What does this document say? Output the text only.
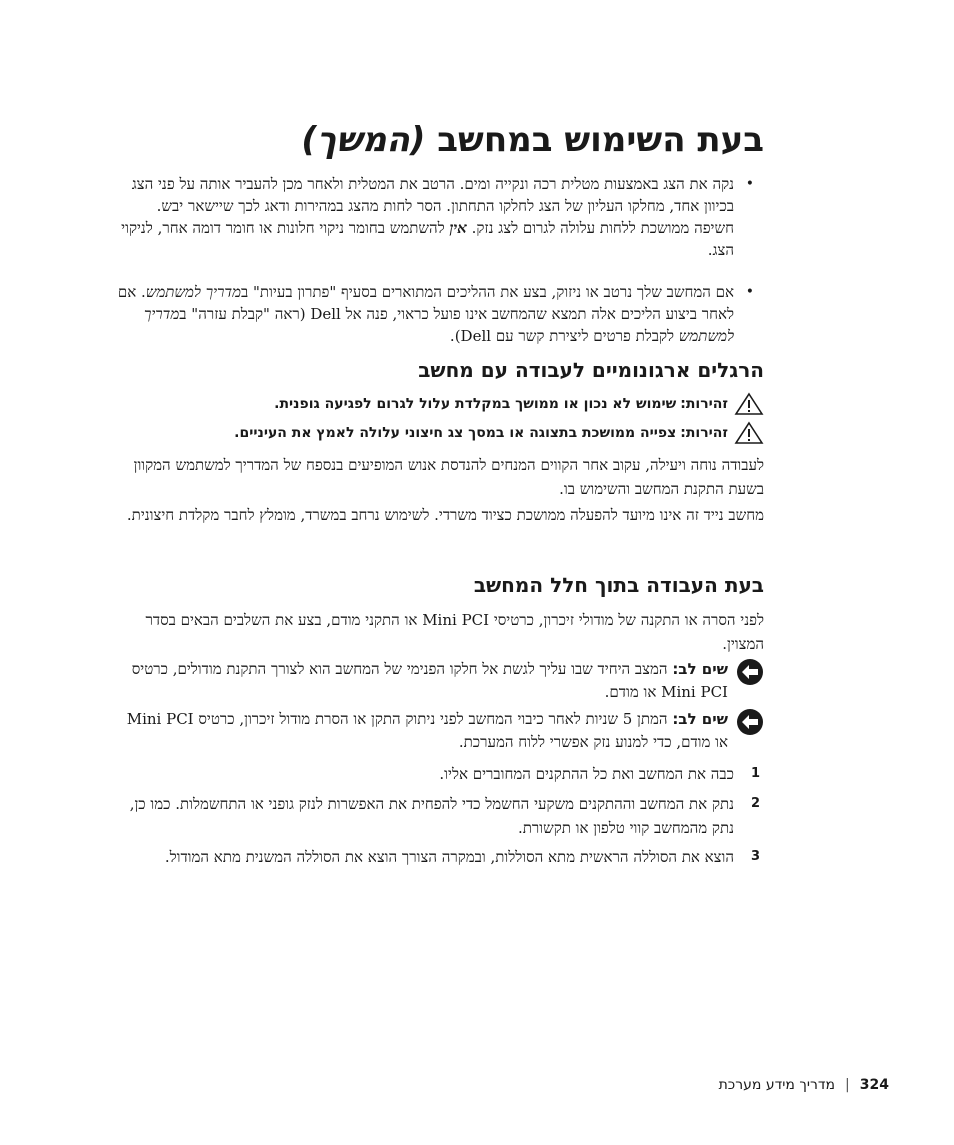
בעת השימוש במחשב (המשך)
•
נקה את הצג באמצעות מטלית רכה ונקייה ומים. הרטב את המטלית ולאחר מכן להעביר אותה על פני הצג בכיוון אחד, מחלקו העליון של הצג לחלקו התחתון. הסר לחות מהצג במהירות ודאג לכך שיישאר יבש. חשיפה ממושכת ללחות עלולה לגרום לצג נזק. אין להשתמש בחומר ניקוי חלונות או חומר דומה אחר, לניקוי הצג.
•
אם המחשב שלך נרטב או ניזוק, בצע את ההליכים המתוארים בסעיף "פתרון בעיות" במדריך למשתמש. אם לאחר ביצוע הליכים אלה תמצא שהמחשב אינו פועל כראוי, פנה אל Dell (ראה "קבלת עזרה" במדריך למשתמש לקבלת פרטים ליצירת קשר עם Dell).
הרגלים ארגונומיים לעבודה עם מחשב
זהירות:
שימוש לא נכון או ממושך במקלדת עלול לגרום לפגיעה גופנית.
זהירות:
צפייה ממושכת בתצוגה או במסך צג חיצוני עלולה לאמץ את העיניים.
לעבודה נוחה ויעילה, עקוב אחר הקווים המנחים להנדסת אנוש המופיעים בנספח של המדריך למשתמש המקוון בשעת התקנת המחשב והשימוש בו.
מחשב נייד זה אינו מיועד להפעלה ממושכת כציוד משרדי. לשימוש נרחב במשרד, מומלץ לחבר מקלדת חיצונית.
בעת העבודה בתוך חלל המחשב
לפני הסרה או התקנה של מודולי זיכרון, כרטיסי Mini PCI או התקני מודם, בצע את השלבים הבאים בסדר המצוין.
שים לב: המצב היחיד שבו עליך לגשת אל חלקו הפנימי של המחשב הוא לצורך התקנת מודולים, כרטיס Mini PCI או מודם.
שים לב: המתן 5 שניות לאחר כיבוי המחשב לפני ניתוק התקן או הסרת מודול זיכרון, כרטיס Mini PCI או מודם, כדי למנוע נזק אפשרי ללוח המערכת.
1
כבה את המחשב ואת כל ההתקנים המחוברים אליו.
2
נתק את המחשב וההתקנים משקעי החשמל כדי להפחית את האפשרות לנזק גופני או התחשמלות. כמו כן, נתק מהמחשב קווי טלפון או תקשורת.
3
הוצא את הסוללה הראשית מתא הסוללות, ובמקרה הצורך הוצא את הסוללה המשנית מתא המודול.
מדריך מידע מערכת | 324
